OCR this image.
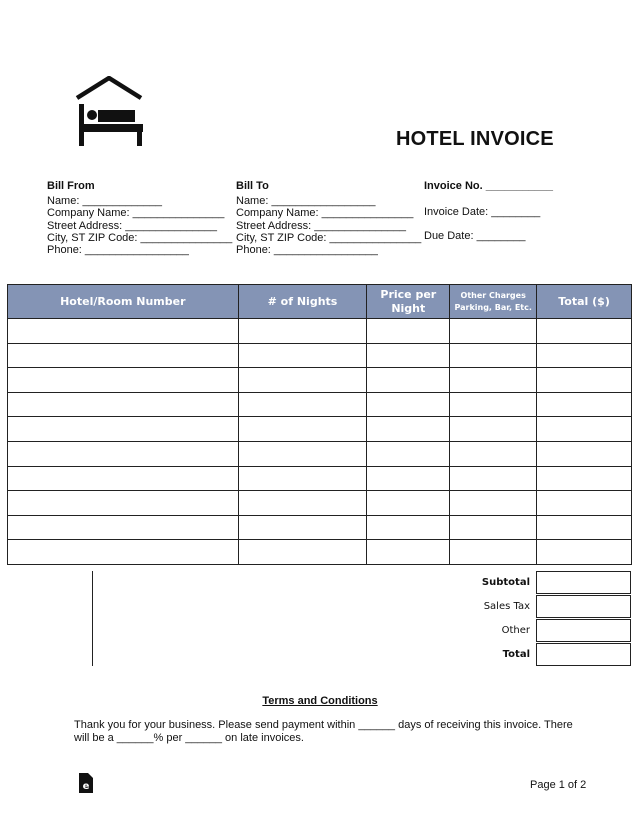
HOTEL INVOICE
Bill From
Name: _____________
Company Name: _______________
Street Address: _______________
City, ST ZIP Code: _______________
Phone: _________________
Bill To
Name: _________________
Company Name: _______________
Street Address: _______________
City, ST ZIP Code: _______________
Phone: _________________
Invoice No. ___________
Invoice Date: ________
Due Date: ________
Hotel/Room Number	# of Nights	Price per Night	Other Charges Parking, Bar, Etc.	Total ($)

Subtotal
Sales Tax
Other
Total
Terms and Conditions
Thank you for your business. Please send payment within ______ days of receiving this invoice. There will be a ______% per ______ on late invoices.
e	Page 1 of 2
